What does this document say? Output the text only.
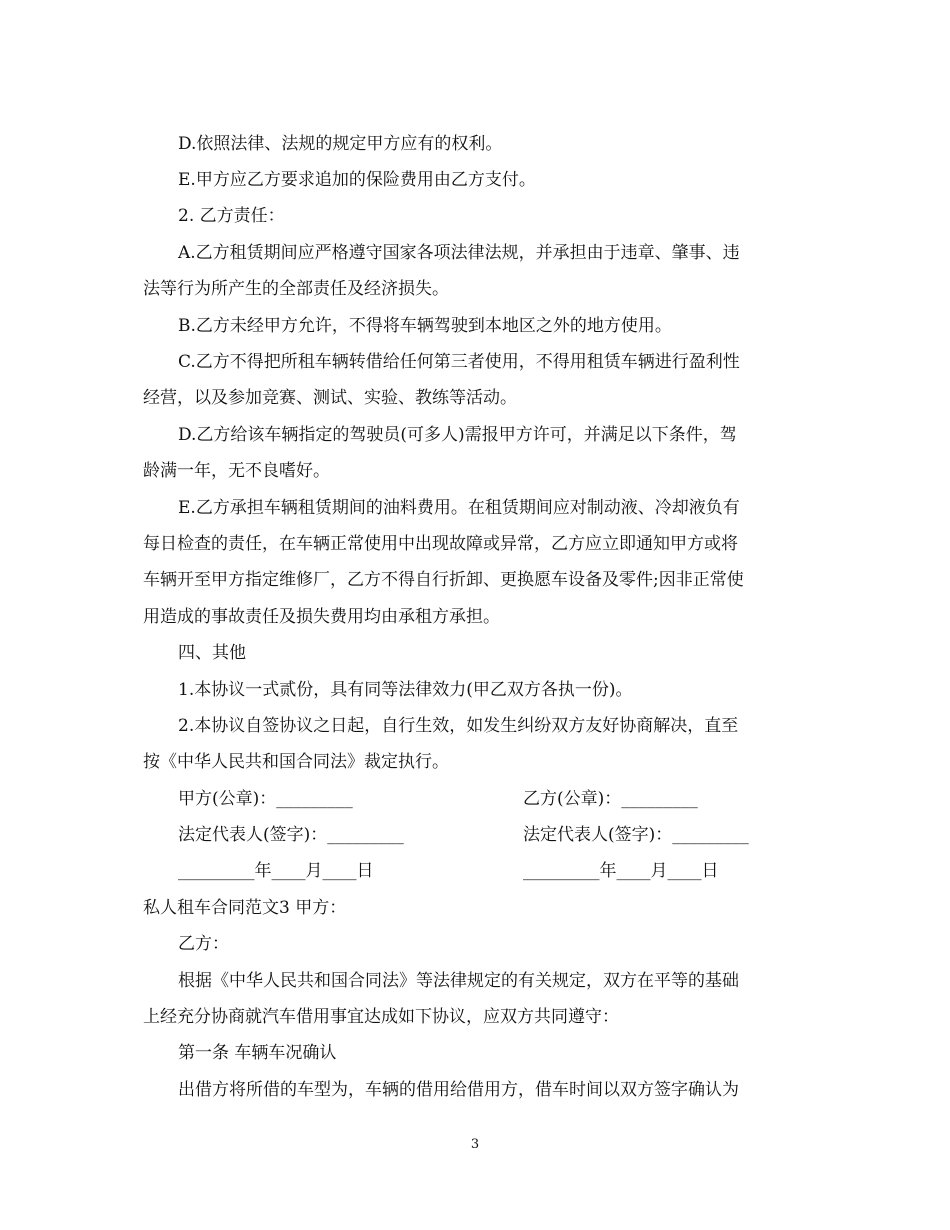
D.依照法律、法规的规定甲方应有的权利。
E.甲方应乙方要求追加的保险费用由乙方支付。
2. 乙方责任：
A.乙方租赁期间应严格遵守国家各项法律法规，并承担由于违章、肇事、违
法等行为所产生的全部责任及经济损失。
B.乙方未经甲方允许，不得将车辆驾驶到本地区之外的地方使用。
C.乙方不得把所租车辆转借给任何第三者使用，不得用租赁车辆进行盈利性
经营，以及参加竞赛、测试、实验、教练等活动。
D.乙方给该车辆指定的驾驶员(可多人)需报甲方许可，并满足以下条件，驾
龄满一年，无不良嗜好。
E.乙方承担车辆租赁期间的油料费用。在租赁期间应对制动液、冷却液负有
每日检查的责任，在车辆正常使用中出现故障或异常，乙方应立即通知甲方或将
车辆开至甲方指定维修厂，乙方不得自行折卸、更换愿车设备及零件;因非正常使
用造成的事故责任及损失费用均由承租方承担。
四、其他
1.本协议一式贰份，具有同等法律效力(甲乙双方各执一份)。
2.本协议自签协议之日起，自行生效，如发生纠纷双方友好协商解决，直至
按《中华人民共和国合同法》裁定执行。
甲方(公章)：_________	乙方(公章)：_________
法定代表人(签字)：_________	法定代表人(签字)：_________
_________年____月____日	_________年____月____日
私人租车合同范文3 甲方：
乙方：
根据《中华人民共和国合同法》等法律规定的有关规定，双方在平等的基础
上经充分协商就汽车借用事宜达成如下协议，应双方共同遵守：
第一条 车辆车况确认
出借方将所借的车型为，车辆的借用给借用方，借车时间以双方签字确认为
3
